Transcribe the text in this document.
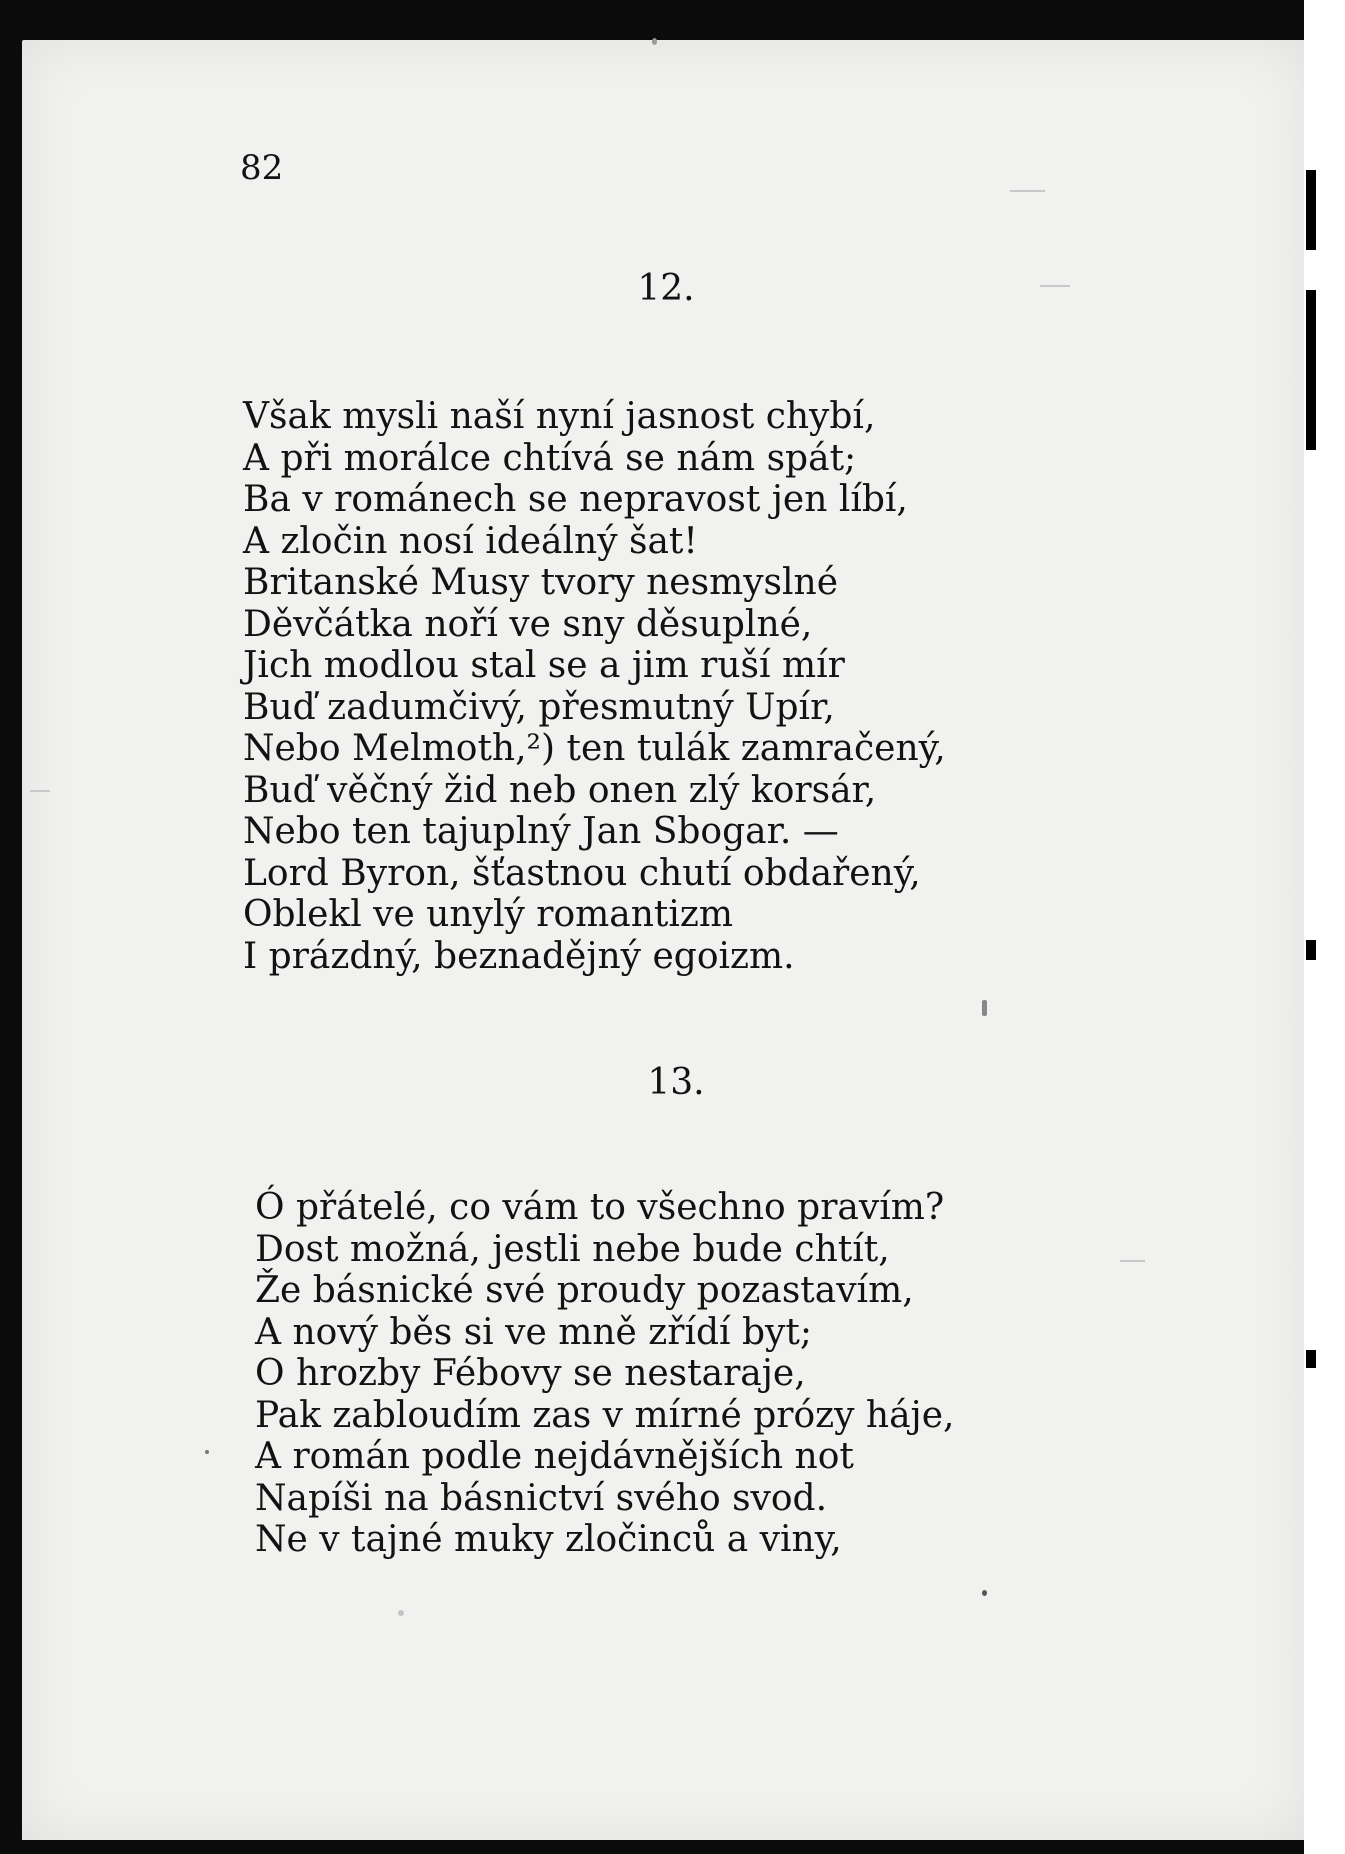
82
12.
Však mysli naší nyní jasnost chybí,
A při morálce chtívá se nám spát;
Ba v románech se nepravost jen líbí,
A zločin nosí ideálný šat!
Britanské Musy tvory nesmyslné
Děvčátka noří ve sny děsuplné,
Jich modlou stal se a jim ruší mír
Buď zadumčivý, přesmutný Upír,
Nebo Melmoth,²) ten tulák zamračený,
Buď věčný žid neb onen zlý korsár,
Nebo ten tajuplný Jan Sbogar. —
Lord Byron, šťastnou chutí obdařený,
Oblekl ve unylý romantizm
I prázdný, beznadějný egoizm.
13.
Ó přátelé, co vám to všechno pravím?
Dost možná, jestli nebe bude chtít,
Že básnické své proudy pozastavím,
A nový běs si ve mně zřídí byt;
O hrozby Fébovy se nestaraje,
Pak zabloudím zas v mírné prózy háje,
A román podle nejdávnějších not
Napíši na básnictví svého svod.
Ne v tajné muky zločinců a viny,
